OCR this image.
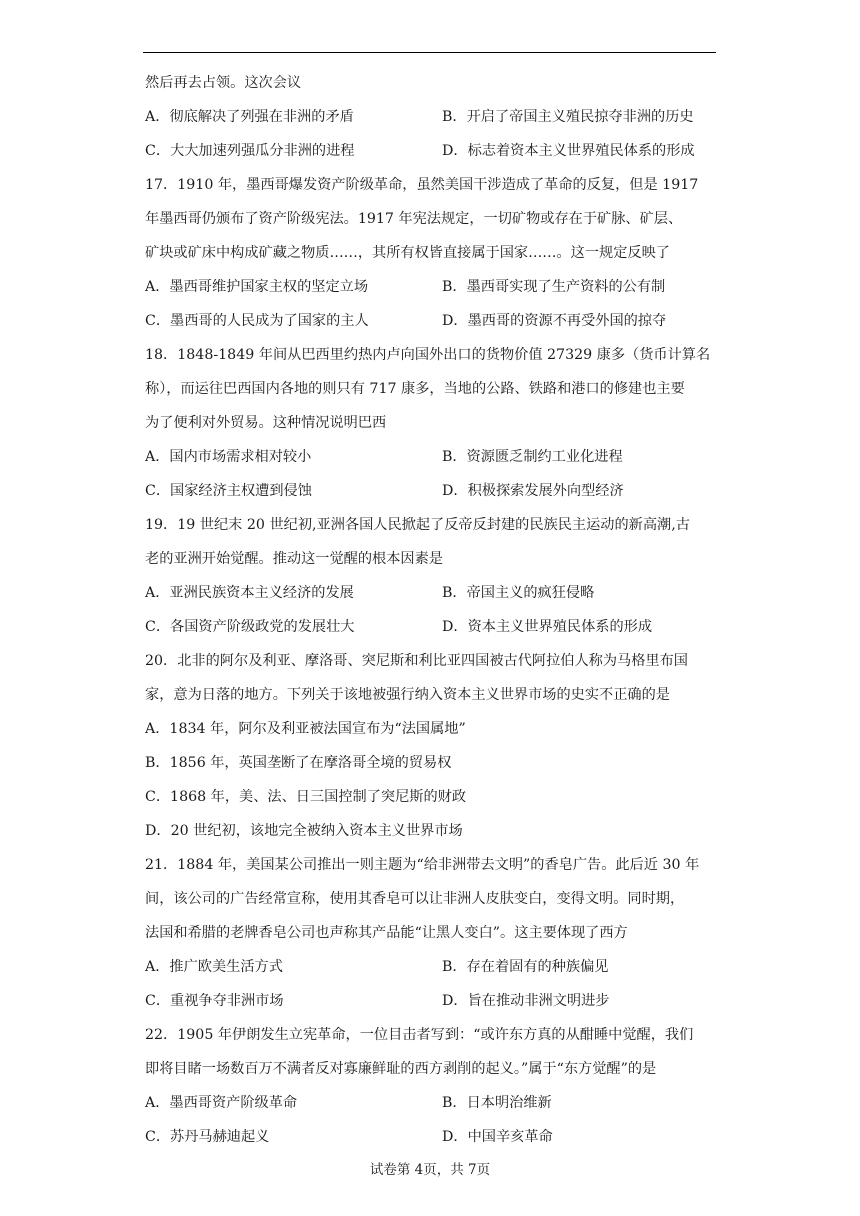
然后再去占领。这次会议
A．彻底解决了列强在非洲的矛盾	B．开启了帝国主义殖民掠夺非洲的历史
C．大大加速列强瓜分非洲的进程	D．标志着资本主义世界殖民体系的形成
17．1910 年，墨西哥爆发资产阶级革命，虽然美国干涉造成了革命的反复，但是 1917
年墨西哥仍颁布了资产阶级宪法。1917 年宪法规定，一切矿物或存在于矿脉、矿层、
矿块或矿床中构成矿藏之物质……，其所有权皆直接属于国家……。这一规定反映了
A．墨西哥维护国家主权的坚定立场	B．墨西哥实现了生产资料的公有制
C．墨西哥的人民成为了国家的主人	D．墨西哥的资源不再受外国的掠夺
18．1848-1849 年间从巴西里约热内卢向国外出口的货物价值 27329 康多（货币计算名
称），而运往巴西国内各地的则只有 717 康多，当地的公路、铁路和港口的修建也主要
为了便利对外贸易。这种情况说明巴西
A．国内市场需求相对较小	B．资源匮乏制约工业化进程
C．国家经济主权遭到侵蚀	D．积极探索发展外向型经济
19．19 世纪末 20 世纪初,亚洲各国人民掀起了反帝反封建的民族民主运动的新高潮,古
老的亚洲开始觉醒。推动这一觉醒的根本因素是
A．亚洲民族资本主义经济的发展	B．帝国主义的疯狂侵略
C．各国资产阶级政党的发展壮大	D．资本主义世界殖民体系的形成
20．北非的阿尔及利亚、摩洛哥、突尼斯和利比亚四国被古代阿拉伯人称为马格里布国
家，意为日落的地方。下列关于该地被强行纳入资本主义世界市场的史实不正确的是
A．1834 年，阿尔及利亚被法国宣布为“法国属地”
B．1856 年，英国垄断了在摩洛哥全境的贸易权
C．1868 年，美、法、日三国控制了突尼斯的财政
D．20 世纪初，该地完全被纳入资本主义世界市场
21．1884 年，美国某公司推出一则主题为“给非洲带去文明”的香皂广告。此后近 30 年
间，该公司的广告经常宣称，使用其香皂可以让非洲人皮肤变白，变得文明。同时期，
法国和希腊的老牌香皂公司也声称其产品能“让黑人变白”。这主要体现了西方
A．推广欧美生活方式	B．存在着固有的种族偏见
C．重视争夺非洲市场	D．旨在推动非洲文明进步
22．1905 年伊朗发生立宪革命，一位目击者写到：“或许东方真的从酣睡中觉醒，我们
即将目睹一场数百万不满者反对寡廉鲜耻的西方剥削的起义。”属于“东方觉醒”的是
A．墨西哥资产阶级革命	B．日本明治维新
C．苏丹马赫迪起义	D．中国辛亥革命
试卷第 4页，共 7页
